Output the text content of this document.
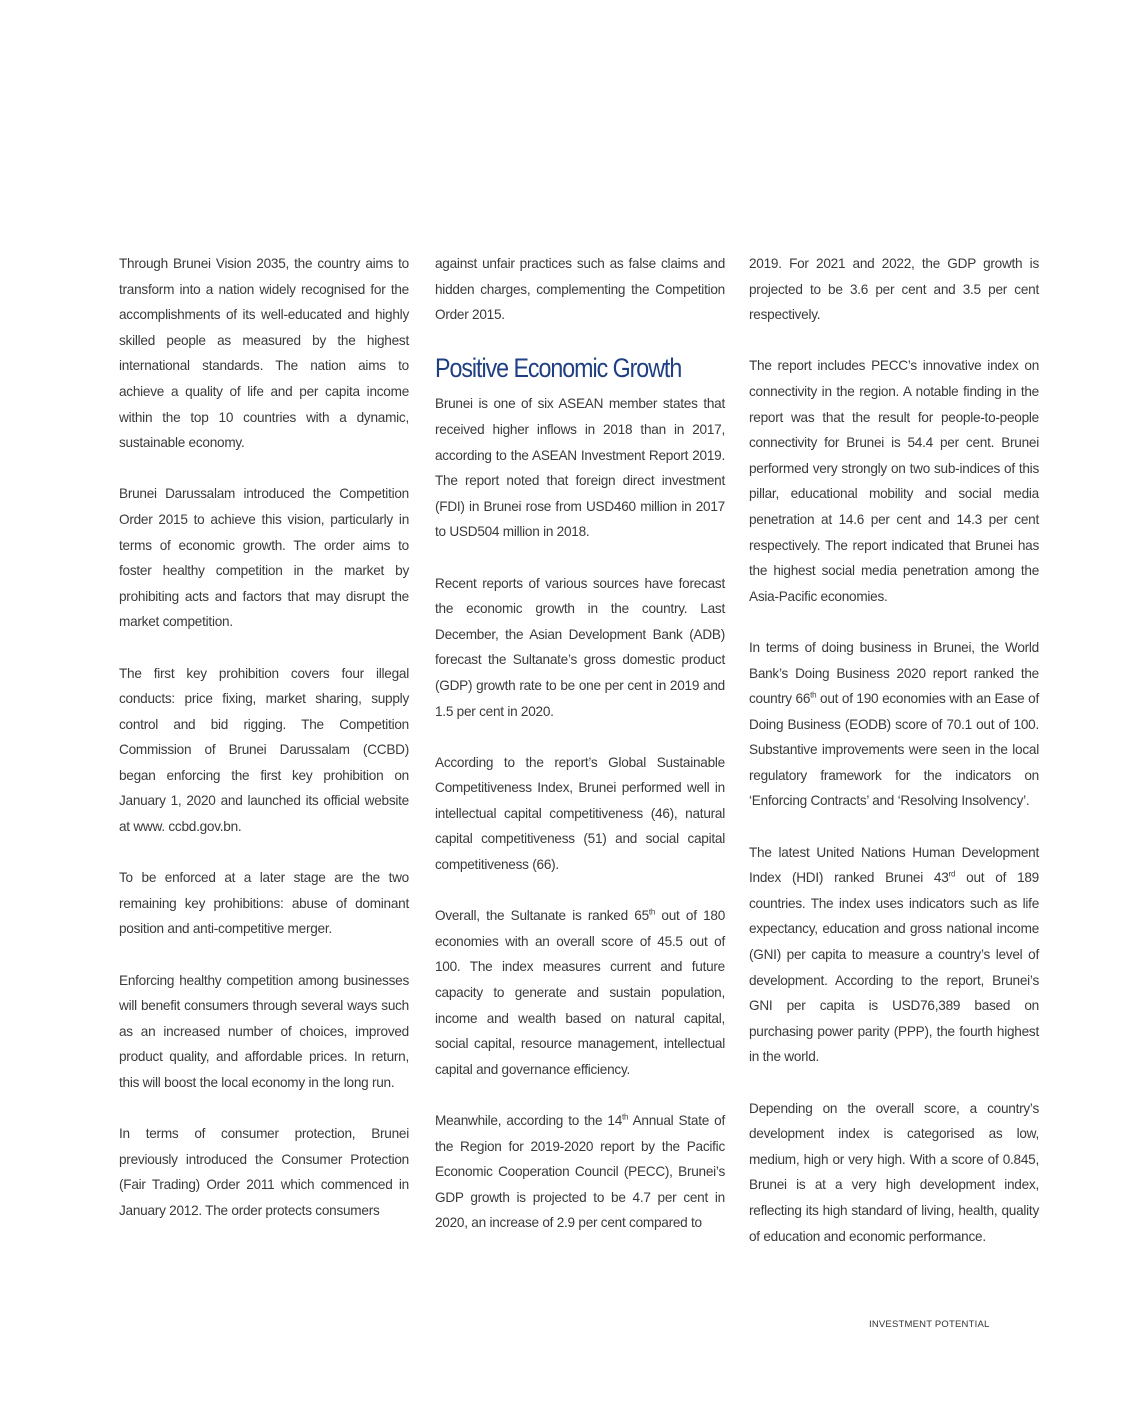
Through Brunei Vision 2035, the country aims to transform into a nation widely recognised for the accomplishments of its well-educated and highly skilled people as measured by the highest international standards. The nation aims to achieve a quality of life and per capita income within the top 10 countries with a dynamic, sustainable economy.

Brunei Darussalam introduced the Competition Order 2015 to achieve this vision, particularly in terms of economic growth. The order aims to foster healthy competition in the market by prohibiting acts and factors that may disrupt the market competition.

The first key prohibition covers four illegal conducts: price fixing, market sharing, supply control and bid rigging. The Competition Commission of Brunei Darussalam (CCBD) began enforcing the first key prohibition on January 1, 2020 and launched its official website at www. ccbd.gov.bn.

To be enforced at a later stage are the two remaining key prohibitions: abuse of dominant position and anti-competitive merger.

Enforcing healthy competition among businesses will benefit consumers through several ways such as an increased number of choices, improved product quality, and affordable prices. In return, this will boost the local economy in the long run.

In terms of consumer protection, Brunei previously introduced the Consumer Protection (Fair Trading) Order 2011 which commenced in January 2012. The order protects consumers

against unfair practices such as false claims and hidden charges, complementing the Competition Order 2015.

Positive Economic Growth

Brunei is one of six ASEAN member states that received higher inflows in 2018 than in 2017, according to the ASEAN Investment Report 2019. The report noted that foreign direct investment (FDI) in Brunei rose from USD460 million in 2017 to USD504 million in 2018.

Recent reports of various sources have forecast the economic growth in the country. Last December, the Asian Development Bank (ADB) forecast the Sultanate’s gross domestic product (GDP) growth rate to be one per cent in 2019 and 1.5 per cent in 2020.

According to the report’s Global Sustainable Competitiveness Index, Brunei performed well in intellectual capital competitiveness (46), natural capital competitiveness (51) and social capital competitiveness (66).

Overall, the Sultanate is ranked 65th out of 180 economies with an overall score of 45.5 out of 100. The index measures current and future capacity to generate and sustain population, income and wealth based on natural capital, social capital, resource management, intellectual capital and governance efficiency.

Meanwhile, according to the 14th Annual State of the Region for 2019-2020 report by the Pacific Economic Cooperation Council (PECC), Brunei’s GDP growth is projected to be 4.7 per cent in 2020, an increase of 2.9 per cent compared to

2019. For 2021 and 2022, the GDP growth is projected to be 3.6 per cent and 3.5 per cent respectively.

The report includes PECC’s innovative index on connectivity in the region. A notable finding in the report was that the result for people-to-people connectivity for Brunei is 54.4 per cent. Brunei performed very strongly on two sub-indices of this pillar, educational mobility and social media penetration at 14.6 per cent and 14.3 per cent respectively. The report indicated that Brunei has the highest social media penetration among the Asia-Pacific economies.

In terms of doing business in Brunei, the World Bank’s Doing Business 2020 report ranked the country 66th out of 190 economies with an Ease of Doing Business (EODB) score of 70.1 out of 100. Substantive improvements were seen in the local regulatory framework for the indicators on ‘Enforcing Contracts’ and ‘Resolving Insolvency’.

The latest United Nations Human Development Index (HDI) ranked Brunei 43rd out of 189 countries. The index uses indicators such as life expectancy, education and gross national income (GNI) per capita to measure a country’s level of development. According to the report, Brunei’s GNI per capita is USD76,389 based on purchasing power parity (PPP), the fourth highest in the world.

Depending on the overall score, a country’s development index is categorised as low, medium, high or very high. With a score of 0.845, Brunei is at a very high development index, reflecting its high standard of living, health, quality of education and economic performance.

INVESTMENT POTENTIAL
